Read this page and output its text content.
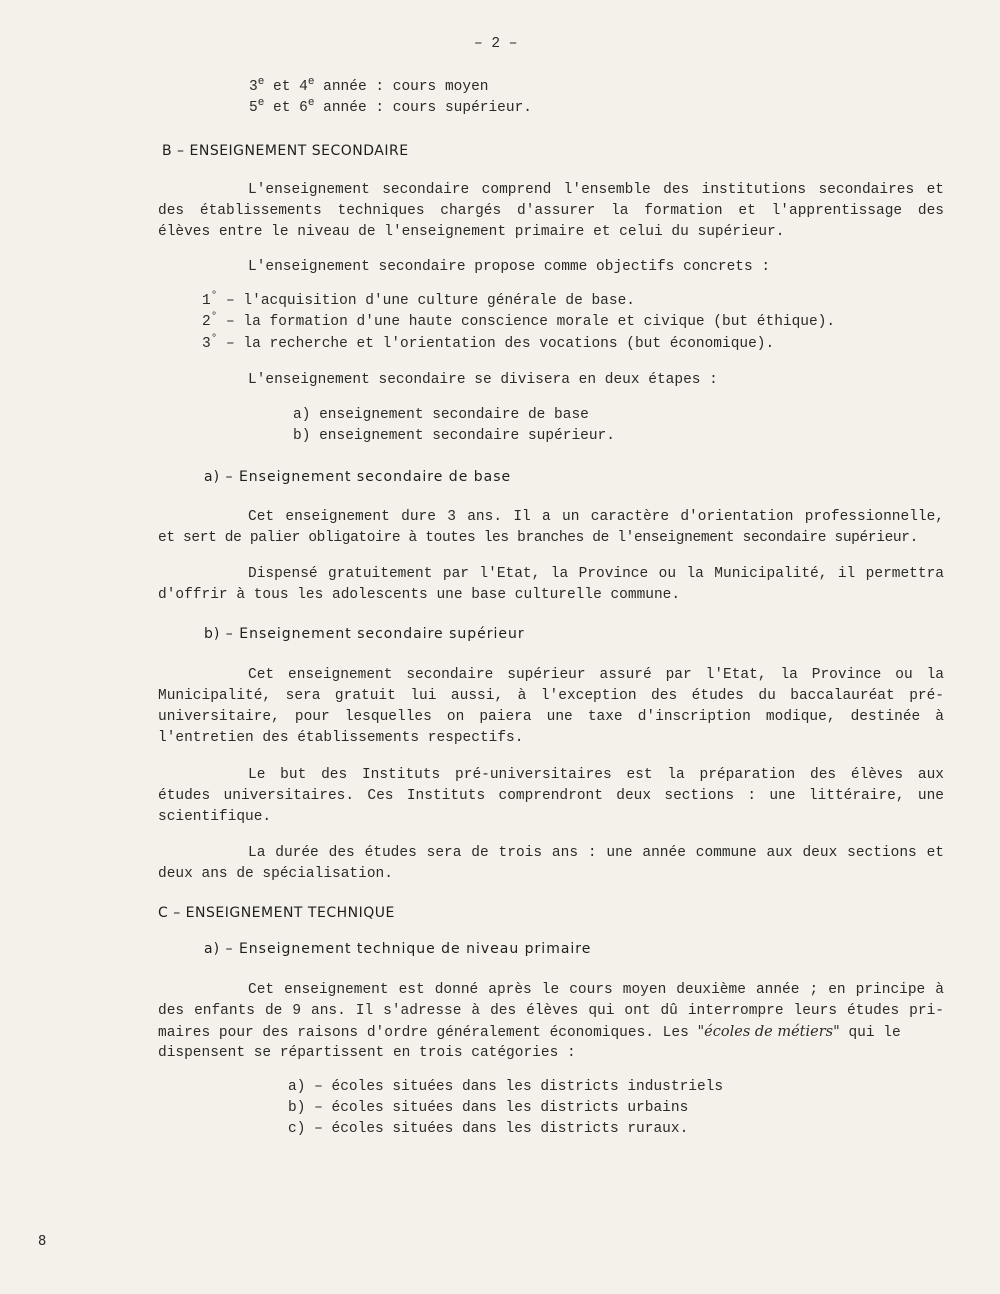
– 2 –
3e et 4e année : cours moyen
5e et 6e année : cours supérieur.
B – ENSEIGNEMENT SECONDAIRE
L'enseignement secondaire comprend l'ensemble des institutions secondaires et
des établissements techniques chargés d'assurer la formation et l'apprentissage des
élèves entre le niveau de l'enseignement primaire et celui du supérieur.
L'enseignement secondaire propose comme objectifs concrets :
1° – l'acquisition d'une culture générale de base.
2° – la formation d'une haute conscience morale et civique (but éthique).
3° – la recherche et l'orientation des vocations (but économique).
L'enseignement secondaire se divisera en deux étapes :
a) enseignement secondaire de base
b) enseignement secondaire supérieur.
a) – Enseignement secondaire de base
Cet enseignement dure 3 ans. Il a un caractère d'orientation professionnelle,
et sert de palier obligatoire à toutes les branches de l'enseignement secondaire supérieur.
Dispensé gratuitement par l'Etat, la Province ou la Municipalité, il permettra
d'offrir à tous les adolescents une base culturelle commune.
b) – Enseignement secondaire supérieur
Cet enseignement secondaire supérieur assuré par l'Etat, la Province ou la
Municipalité, sera gratuit lui aussi, à l'exception des études du baccalauréat pré-
universitaire, pour lesquelles on paiera une taxe d'inscription modique, destinée à
l'entretien des établissements respectifs.
Le but des Instituts pré-universitaires est la préparation des élèves aux
études universitaires. Ces Instituts comprendront deux sections : une littéraire, une
scientifique.
La durée des études sera de trois ans : une année commune aux deux sections et
deux ans de spécialisation.
C – ENSEIGNEMENT TECHNIQUE
a) – Enseignement technique de niveau primaire
Cet enseignement est donné après le cours moyen deuxième année ; en principe à
des enfants de 9 ans. Il s'adresse à des élèves qui ont dû interrompre leurs études pri-
maires pour des raisons d'ordre généralement économiques. Les "écoles de métiers" qui le
dispensent se répartissent en trois catégories :
a) – écoles situées dans les districts industriels
b) – écoles situées dans les districts urbains
c) – écoles situées dans les districts ruraux.
8
